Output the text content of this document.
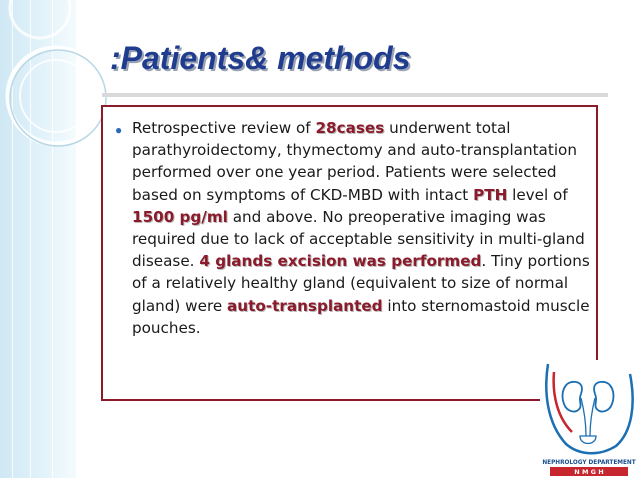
:Patients& methods
● Retrospective review of 28cases underwent total parathyroidectomy, thymectomy and auto-transplantation performed over one year period. Patients were selected based on symptoms of CKD-MBD with intact PTH level of 1500 pg/ml and above. No preoperative imaging was required due to lack of acceptable sensitivity in multi-gland disease. 4 glands excision was performed. Tiny portions of a relatively healthy gland (equivalent to size of normal gland) were auto-transplanted into sternomastoid muscle pouches.

NEPHROLOGY DEPARTEMENT
N M G H
